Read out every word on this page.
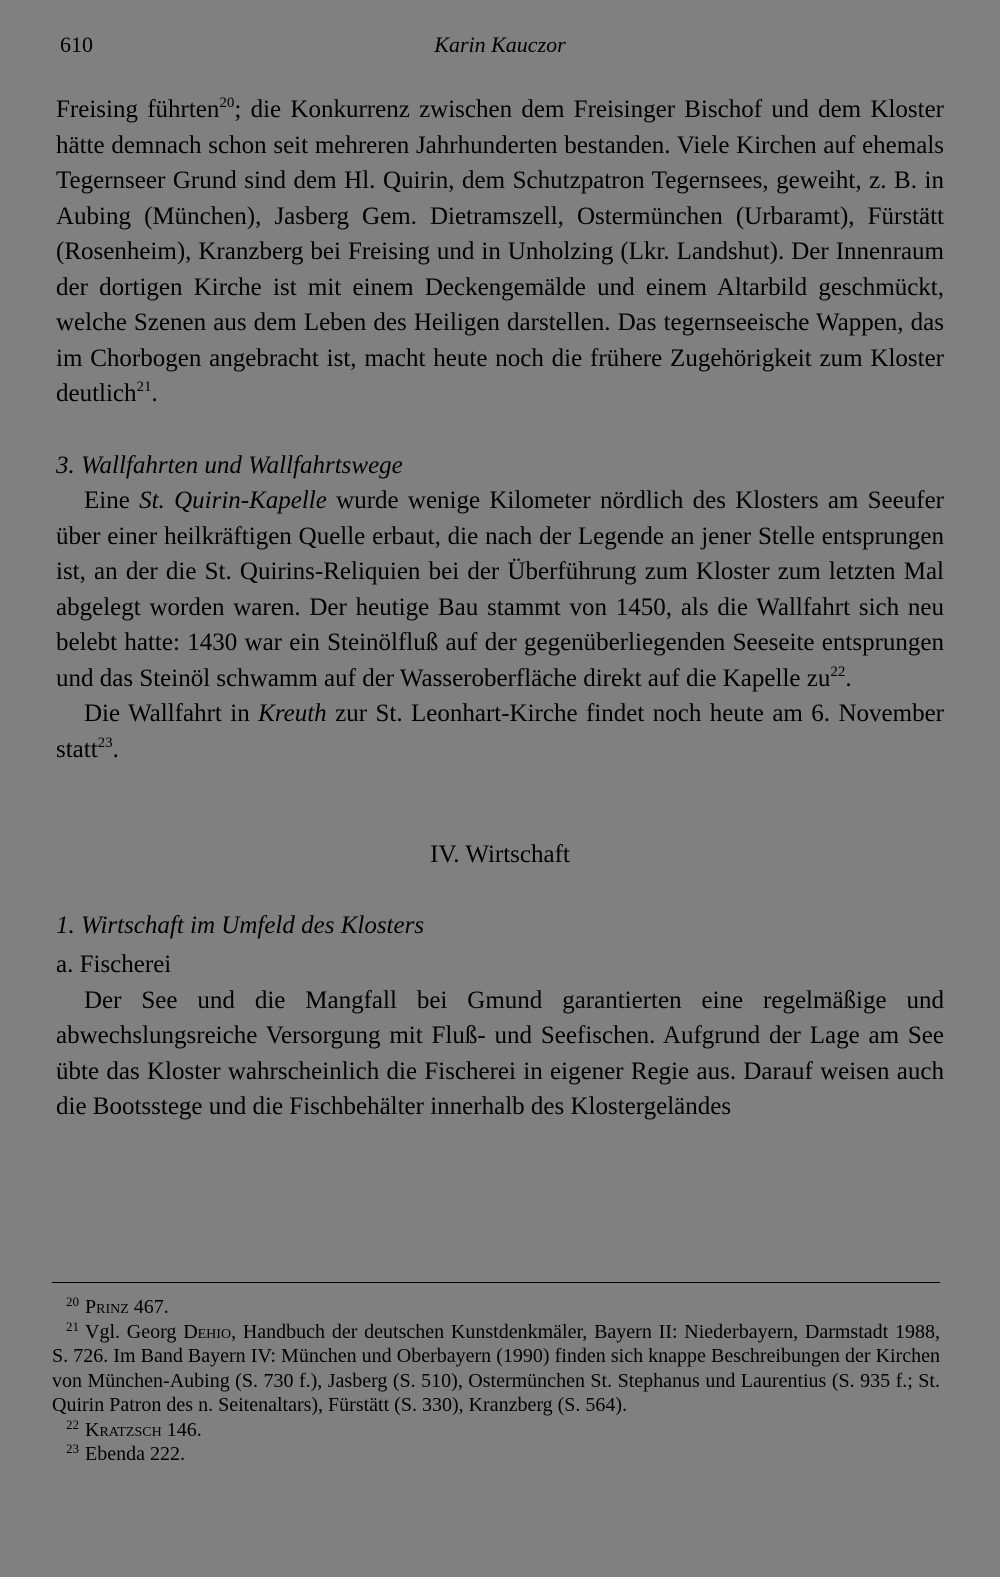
610	Karin Kauczor

Freising führten$^{20}$; die Konkurrenz zwischen dem Freisinger Bischof und dem Kloster hätte demnach schon seit mehreren Jahrhunderten bestanden. Viele Kirchen auf ehemals Tegernseer Grund sind dem Hl. Quirin, dem Schutzpatron Tegernsees, geweiht, z. B. in Aubing (München), Jasberg Gem. Dietramszell, Ostermünchen (Urbaramt), Fürstätt (Rosenheim), Kranzberg bei Freising und in Unholzing (Lkr. Landshut). Der Innenraum der dortigen Kirche ist mit einem Deckengemälde und einem Altarbild geschmückt, welche Szenen aus dem Leben des Heiligen darstellen. Das tegernseeische Wappen, das im Chorbogen angebracht ist, macht heute noch die frühere Zugehörigkeit zum Kloster deutlich$^{21}$.

3. Wallfahrten und Wallfahrtswege

Eine St. Quirin-Kapelle wurde wenige Kilometer nördlich des Klosters am Seeufer über einer heilkräftigen Quelle erbaut, die nach der Legende an jener Stelle entsprungen ist, an der die St. Quirins-Reliquien bei der Überführung zum Kloster zum letzten Mal abgelegt worden waren. Der heutige Bau stammt von 1450, als die Wallfahrt sich neu belebt hatte: 1430 war ein Steinölfluß auf der gegenüberliegenden Seeseite entsprungen und das Steinöl schwamm auf der Wasseroberfläche direkt auf die Kapelle $zu^{22}$.

Die Wallfahrt in Kreuth zur St. Leonhart-Kirche findet noch heute am 6. November statt$^{23}$.

IV. Wirtschaft

1. Wirtschaft im Umfeld des Klosters

a. Fischerei

Der See und die Mangfall bei Gmund garantierten eine regelmäßige und abwechslungsreiche Versorgung mit Fluß- und Seefischen. Aufgrund der Lage am See übte das Kloster wahrscheinlich die Fischerei in eigener Regie aus. Darauf weisen auch die Bootsstege und die Fischbehälter innerhalb des Klostergeländes

$^{20}$ Prinz 467.

$^{21}$ Vgl. Georg Dehio, Handbuch der deutschen Kunstdenkmäler, Bayern II: Niederbayern, Darmstadt 1988, S. 726. Im Band Bayern IV: München und Oberbayern (1990) finden sich knappe Beschreibungen der Kirchen von München-Aubing (S. 730 f.), Jasberg (S. 510), Ostermünchen St. Stephanus und Laurentius (S. 935 f.; St. Quirin Patron des n. Seitenaltars), Fürstätt (S. 330), Kranzberg (S. 564).

$^{22}$ Kratzsch 146.

$^{23}$ Ebenda 222.
